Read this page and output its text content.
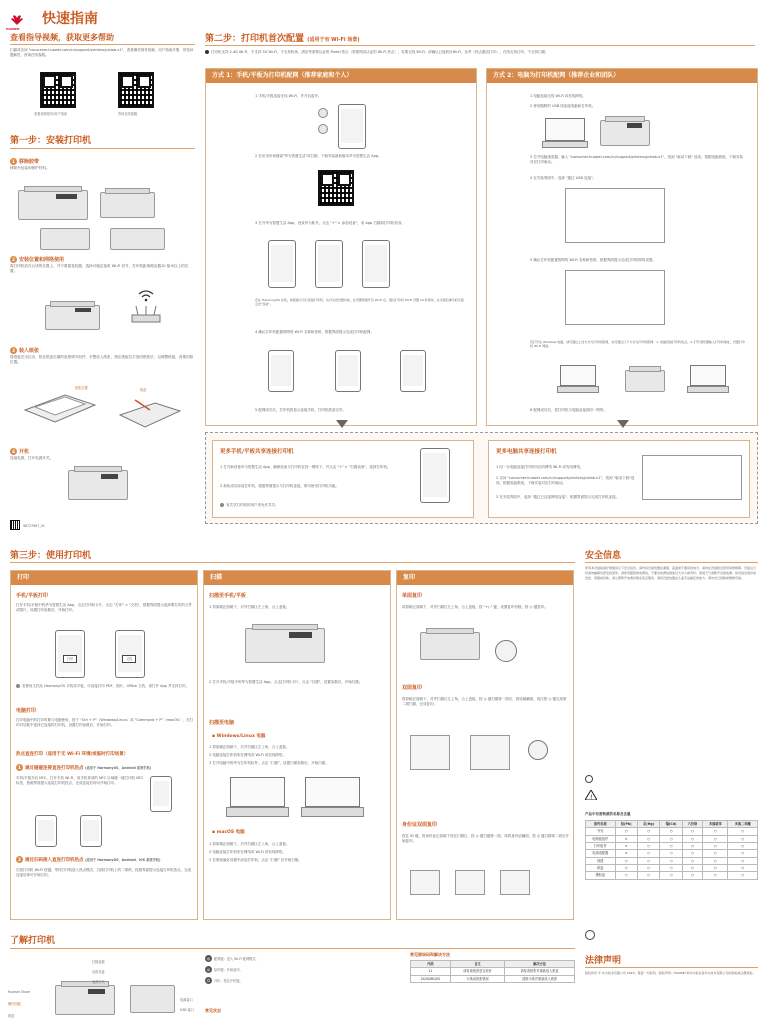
HUAWEI
快速指南
查看指导视频，获取更多帮助
扫描或访问 "consumer.huawei.com/cn/support/printers/pixlab-x1"，查看操作指导视频，用户指南手册，常见问题解答，咨询在线客服。
查看视频指导/用户指南	咨询在线客服
第一步：安装打印机
1 移除胶带
移除外包装和保护材料。
2 安装位置和网络使用
将打印机放在合适的位置上，并不要摇晃机器，选择可稳定接收 Wi-Fi 信号，打印机距离路由器10 厘米以上的位置。
3 装入纸张
将纸盒完全拉出，按住纸盒后端的宽度调节组件，平整放入纸张，按住纸板拉手放回纸张后，以调整纸板，再推回原位置。
纸张位置	纸盒
4 开机
连接电源，打开电源开关。
96727967_01
第二步：打印机首次配置 (适用于有 Wi-Fi 场景)
打印机支持 2.4G Wi-Fi，不支持 5G Wi-Fi、不支持机场、酒店等需要认证的 Portal 热点（需要网页认证的 Wi-Fi 热点），若要无线 Wi-Fi，请确认已接收好Wi-Fi，参考《热点激活打印》，在线支持打印，不支持扫描。
方式 1：手机/平板为打印机配网（推荐家庭和个人）
1 手机/平板连接无线 Wi-Fi，并开启蓝牙。
2 在应用市场搜索"华为智慧生活"或扫描，下载安装最新版本华为智慧生活 App。
3 打开华为智慧生活 App，登录华为帐号，点击 "+" > 添加设备"，用 App 扫描如打印机机身。
若在 HarmonyOS 系统，按照提示可以连接打印机，也可关闭设置功能，在设置界面开启 Wi-Fi 后，通过打印机 Wi-Fi 设置 10 秒等待，在出现后弹出的页面点击"连接"。
4 确认打印机配置的网络 Wi-Fi 名称和密码，根据界面提示完成打印机配网。
5 配网成功后，打印机将显示连接手机，打印机准备完毕。
方式 2：电脑为打印机配网（推荐企业和团队）
1 电脑连接无线 Wi-Fi 或有线网络。
2 使用随附的 USB 线连接电脑和打印机。
3 打开电脑浏览器，输入 "consumer.huawei.com/cn/support/printers/pixlab-x1"，找到 "驱动下载" 选项，根据电脑系统，下载安装对应打印驱动。
4 在安装界面中，选择 "通过 USB 连接"。
5 确认打印机配置的网络 Wi-Fi 名称和密码，根据界面提示完成打印机网络设置。
若打开在 Windows 电脑，请可通过上述方式与打印机配网，也可通过以下方式为打印机配网：1. 电脑连接打印机热点。2. 打开浏览器输入打印机地址，设置打印机 Wi-Fi 网络。
6 配网成功后，将打印机与电脑连接到同一网络。
更多手机/平板共享连接打印机
1 打开新设备华为智慧生活 App，确保设备与打印机在同一网络下，并点击 "+" > "扫描设备"，选择打印机。
2 新机成功添加打印机，根据界面提示与打印机连接，即可使用打印机功能。
有共享打印机的用户须允许共享。
更多电脑共享连接打印机
1 同一台电脑连接打印机所在的网络 Wi-Fi 或有线网络。
2 访问 "consumer.huawei.com/cn/support/printers/pixlab-x1"，找到 "驱动下载"选项，根据电脑系统，下载安装对应打印驱动。
3 在安装界面中，选择 "通过已连接网络连接"，根据界面提示完成打印机连接。
第三步：使用打印机
打印
手机/平板打印
打开手机/平板中的华为智慧生活 App，点击打印机卡片，点击 "打印" > "文档"，根据界面提示选择要打印的文件或图片，设置打印参数后，开始打印。
打印	文档
若使用文档从 HarmonyOS 手机或平板，可直接打印 PDF、图片、Office 文档，请打开 App 并支持打印。
电脑打印
打印电脑中的打印时要与电脑使用，按下 "Ctrl + P"（Windows/Linux）或 "Command + P"（macOS），在打印对话框中选择已连接的打印机，设置打印参数后，开始打印。
热点直连打印（适用于无 Wi-Fi 环境/或临时打印场景）
1 通过碰碰连接直连打印机热点 (适用于 HarmonyOS、Android 系统手机)
手机/平板开启 NFC，打开手机 Wi-Fi，用手机背部的 NFC 区域碰一碰打印机 NFC 标签，按照界面提示连接打印机热点，完成连接后即可开始打印。
2 通过扫码接入直连打印机热点 (适用于 HarmonyOS、Android、iOS 系统手机)
长按打印机 Wi-Fi 按键，等待打印机进入热点模式，扫描打印机上的二维码，按照界面提示连接打印机热点，完成连接后即可开始打印。
扫描
扫描至手机/平板
1 将原稿正面朝下，对齐扫描区左上角，合上盖板。
2 打开手机/平板中的华为智慧生活 App，点击打印机卡片，点击 "扫描"，设置参数后，开始扫描。
扫描至电脑
▪ Windows/Linux 电脑
1 将原稿正面朝下，对齐扫描区左上角，合上盖板。
2 电脑连接打印机所在网络或 Wi-Fi 或有线网络。
3 打开电脑中的华为打印机软件，点击 "扫描"，设置扫描参数后，开始扫描。
▪ macOS 电脑
1 将原稿正面朝下，对齐扫描区左上角，合上盖板。
2 电脑连接打印机所在网络或 Wi-Fi 或有线网络。
3 在系统偏好设置中添加打印机，点击 "扫描" 后开始扫描。
复印
单面复印
将原稿正面朝下，对齐扫描区左上角，合上盖板，按 "+/-" 键，设置复印份数，按 ◎ 键复印。
双面复印
将原稿正面朝下，对齐扫描区左上角，合上盖板，按 ◎ 键扫描第一面后，将原稿翻面，再次按 ◎ 键完成第二面扫描，完成复印。
身份证双面复印
按住 ID 键，将身份证正面朝下放在扫描区，按 ◎ 键扫描第一面，再将身份证翻面，按 ◎ 键扫描第二面后开始复印。
安全信息
使用本设备前请仔细阅读以下安全信息。请勿将设备放置在潮湿、高温或不通风的地方。请勿在设备附近使用易燃喷雾。设备运行时请勿触摸内部发热部件。请使用随附的电源线，不要对电源线施加过大外力或弯折。雷雨天气请断开设备电源。如设备出现异常发热、冒烟或异味，请立即断开电源并联系售后服务。请将设备放置在儿童无法触及的地方。请勿自行拆卸或维修设备。
!
产品中有害物质的名称及含量
部件名称	铅(Pb)	汞(Hg)	镉(Cd)	六价铬	多溴联苯	多溴二苯醚
外壳	○	○	○	○	○	○
电路板组件	×	○	○	○	○	○
打印组件	×	○	○	○	○	○
电源适配器	×	○	○	○	○	○
线缆	○	○	○	○	○	○
纸盒	○	○	○	○	○	○
墨粉盒	○	○	○	○	○	○
法律声明
版权所有 © 华为技术有限公司 2023。保留一切权利。商标声明：HUAWEI 和华为标识是华为技术有限公司的商标或注册商标。
了解打印机
Huawei Share
操作面板
纸盒
扫描盖板
出纸托盘
电源开关
电源接口
USB 接口
◎ 配网键：进入 Wi-Fi 配网模式。
◎ 复印键：开始复印。
⏻ 开机：按住开机键。
常见状态
常见错误码和解决方法
代码	含义	解决方法
11	请检查纸张是否放好	请检查纸张并重新放入纸盒
24/00/BC/E0	卡纸或纸张错误	清除卡纸并重新放入纸张
